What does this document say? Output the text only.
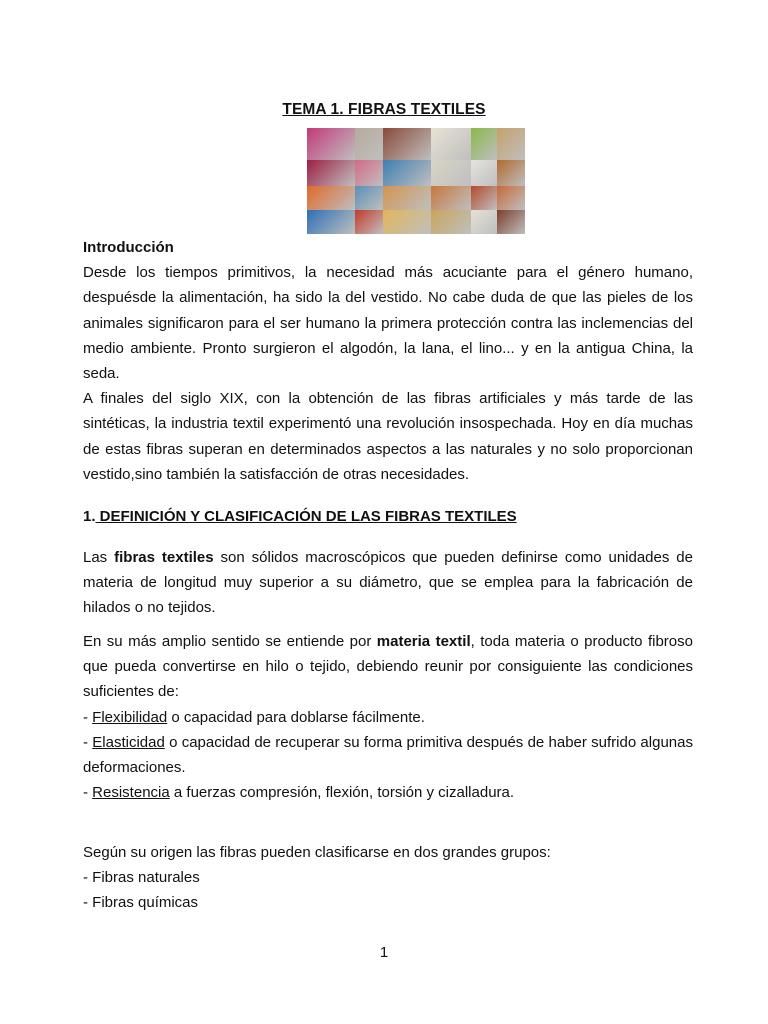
TEMA 1. FIBRAS TEXTILES
Introducción

Desde los tiempos primitivos, la necesidad más acuciante para el género humano, despuésde la alimentación, ha sido la del vestido. No cabe duda de que las pieles de los animales significaron para el ser humano la primera protección contra las inclemencias del medio ambiente. Pronto surgieron el algodón, la lana, el lino... y en la antigua China, la seda.

A finales del siglo XIX, con la obtención de las fibras artificiales y más tarde de las sintéticas, la industria textil experimentó una revolución insospechada. Hoy en día muchas de estas fibras superan en determinados aspectos a las naturales y no solo proporcionan vestido,sino también la satisfacción de otras necesidades.

1. DEFINICIÓN Y CLASIFICACIÓN DE LAS FIBRAS TEXTILES
Las fibras textiles son sólidos macroscópicos que pueden definirse como unidades de materia de longitud muy superior a su diámetro, que se emplea para la fabricación de hilados o no tejidos.
En su más amplio sentido se entiende por materia textil, toda materia o producto fibroso que pueda convertirse en hilo o tejido, debiendo reunir por consiguiente las condiciones suficientes de:
- Flexibilidad o capacidad para doblarse fácilmente.
- Elasticidad o capacidad de recuperar su forma primitiva después de haber sufrido algunas deformaciones.
- Resistencia a fuerzas compresión, flexión, torsión y cizalladura.
Según su origen las fibras pueden clasificarse en dos grandes grupos:
- Fibras naturales
- Fibras químicas
1
